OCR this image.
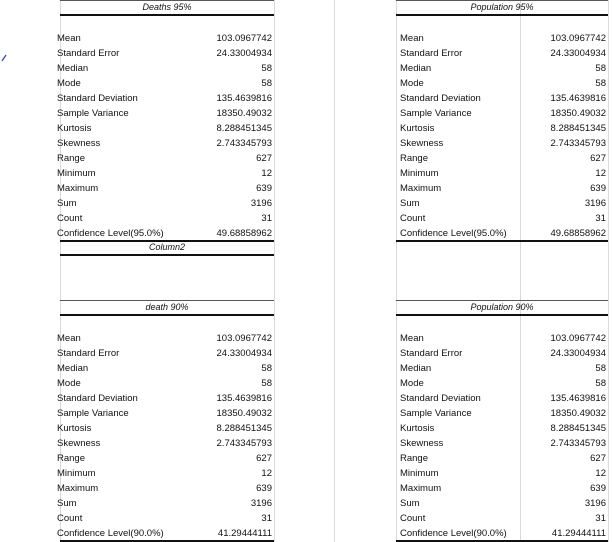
Column2
Deaths 95%
Mean	103.0967742
Standard Error	24.33004934
Median	58
Mode	58
Standard Deviation	135.4639816
Sample Variance	18350.49032
Kurtosis	8.288451345
Skewness	2.743345793
Range	627
Minimum	12
Maximum	639
Sum	3196
Count	31
Confidence Level(95.0%)	49.68858962
Population 95%
Mean	103.0967742
Standard Error	24.33004934
Median	58
Mode	58
Standard Deviation	135.4639816
Sample Variance	18350.49032
Kurtosis	8.288451345
Skewness	2.743345793
Range	627
Minimum	12
Maximum	639
Sum	3196
Count	31
Confidence Level(95.0%)	49.68858962
death 90%
Mean	103.0967742
Standard Error	24.33004934
Median	58
Mode	58
Standard Deviation	135.4639816
Sample Variance	18350.49032
Kurtosis	8.288451345
Skewness	2.743345793
Range	627
Minimum	12
Maximum	639
Sum	3196
Count	31
Confidence Level(90.0%)	41.29444111
Population 90%
Mean	103.0967742
Standard Error	24.33004934
Median	58
Mode	58
Standard Deviation	135.4639816
Sample Variance	18350.49032
Kurtosis	8.288451345
Skewness	2.743345793
Range	627
Minimum	12
Maximum	639
Sum	3196
Count	31
Confidence Level(90.0%)	41.29444111
